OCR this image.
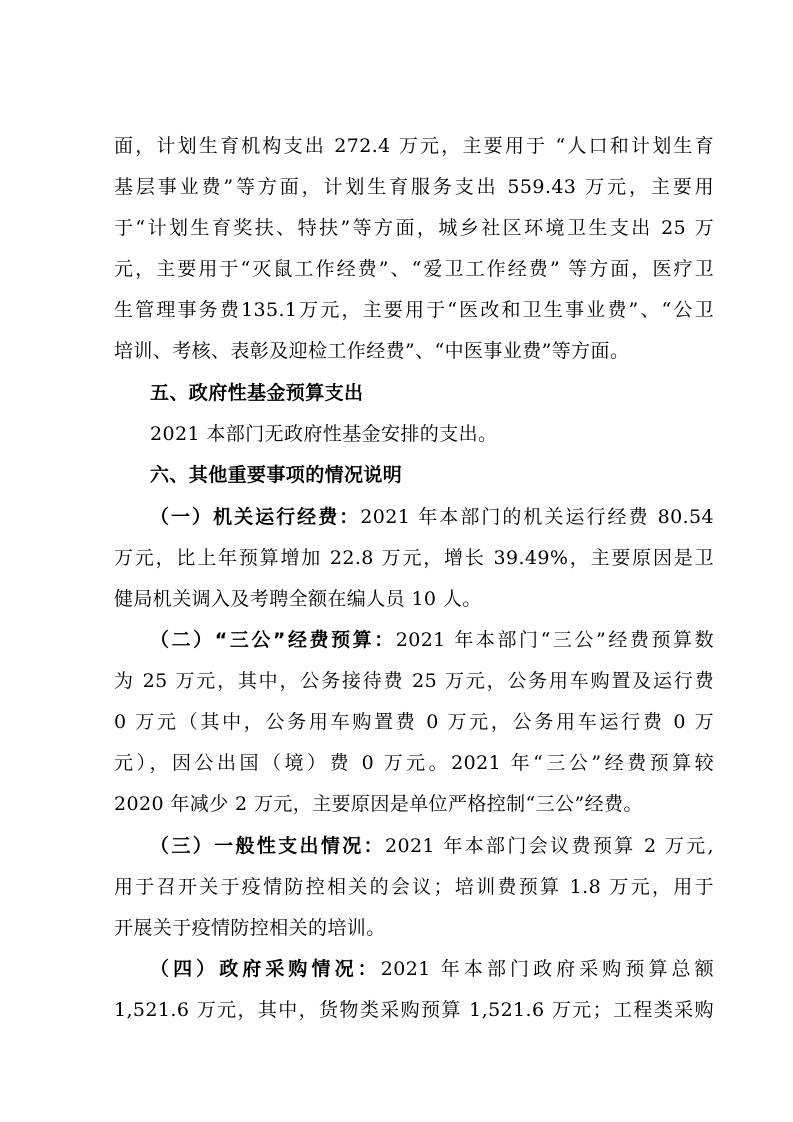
面，计划生育机构支出 272.4 万元，主要用于 “人口和计划生育
基层事业费”等方面，计划生育服务支出 559.43 万元，主要用
于“计划生育奖扶、特扶”等方面，城乡社区环境卫生支出 25 万
元，主要用于“灭鼠工作经费”、“爱卫工作经费” 等方面，医疗卫
生管理事务费135.1万元，主要用于“医改和卫生事业费”、“公卫
培训、考核、表彰及迎检工作经费”、“中医事业费”等方面。
五、政府性基金预算支出
2021 本部门无政府性基金安排的支出。
六、其他重要事项的情况说明
（一）机关运行经费：2021 年本部门的机关运行经费 80.54
万元，比上年预算增加 22.8 万元，增长 39.49%，主要原因是卫
健局机关调入及考聘全额在编人员 10 人。
（二）“三公”经费预算：2021 年本部门“三公”经费预算数
为 25 万元，其中，公务接待费 25 万元，公务用车购置及运行费
0 万元（其中，公务用车购置费 0 万元，公务用车运行费 0 万
元），因公出国（境）费 0 万元。2021 年“三公”经费预算较
2020 年减少 2 万元，主要原因是单位严格控制“三公”经费。
（三）一般性支出情况：2021 年本部门会议费预算 2 万元,
用于召开关于疫情防控相关的会议；培训费预算 1.8 万元，用于
开展关于疫情防控相关的培训。
（四）政府采购情况：2021 年本部门政府采购预算总额
1,521.6 万元，其中，货物类采购预算 1,521.6 万元；工程类采购
